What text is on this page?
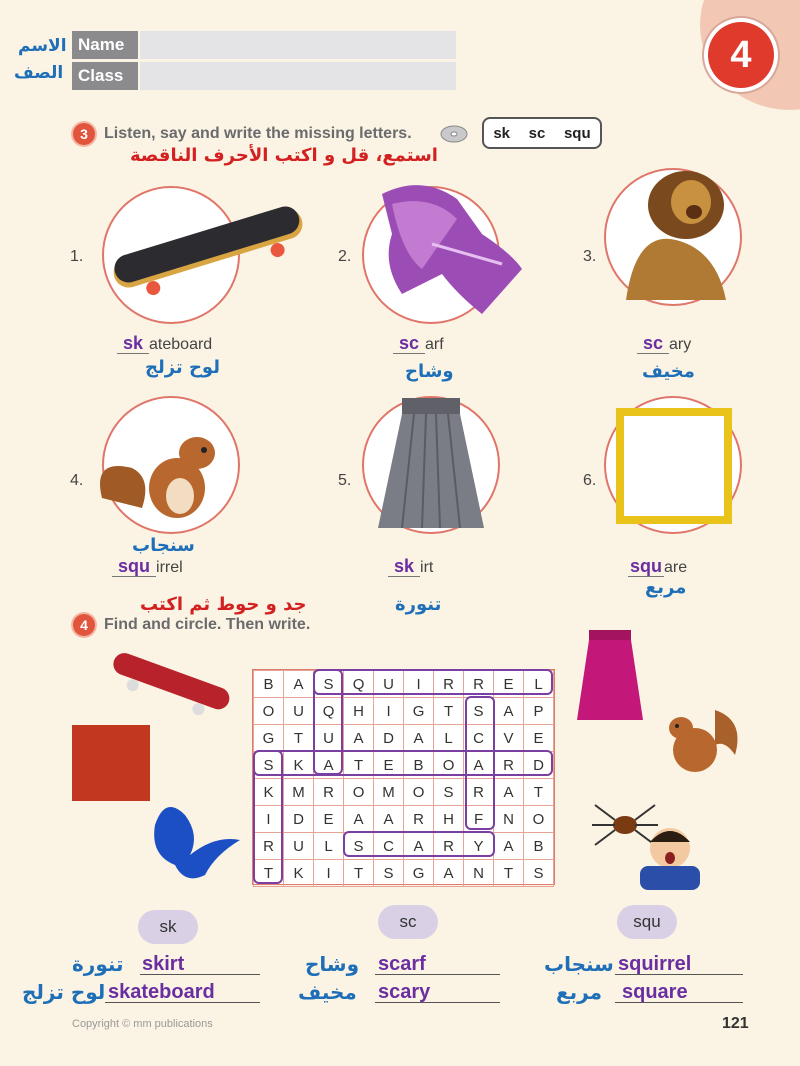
4
الاسم
الصف
Name
Class
3	Listen, say and write the missing letters.	sk sc squ
استمع، قل و اكتب الأحرف الناقصة
1.
sk ateboard
لوح تزلج
2.
sc arf
وشاح
3.
sc ary
مخيف
4.
سنجاب
squ irrel
5.
sk irt
6.
squ are
مربع
جد و حوط ثم اكتب	تنورة
4	Find and circle. Then write.
B	A	S	Q	U	I	R	R	E	L
O	U	Q	H	I	G	T	S	A	P
G	T	U	A	D	A	L	C	V	E
S	K	A	T	E	B	O	A	R	D
K	M	R	O	M	O	S	R	A	T
I	D	E	A	A	R	H	F	N	O
R	U	L	S	C	A	R	Y	A	B
T	K	I	T	S	G	A	N	T	S
sk	sc	squ
تنورة skirt
لوح تزلج skateboard
وشاح scarf
مخيف scary
سنجاب squirrel
مربع square
Copyright © mm publications	121
